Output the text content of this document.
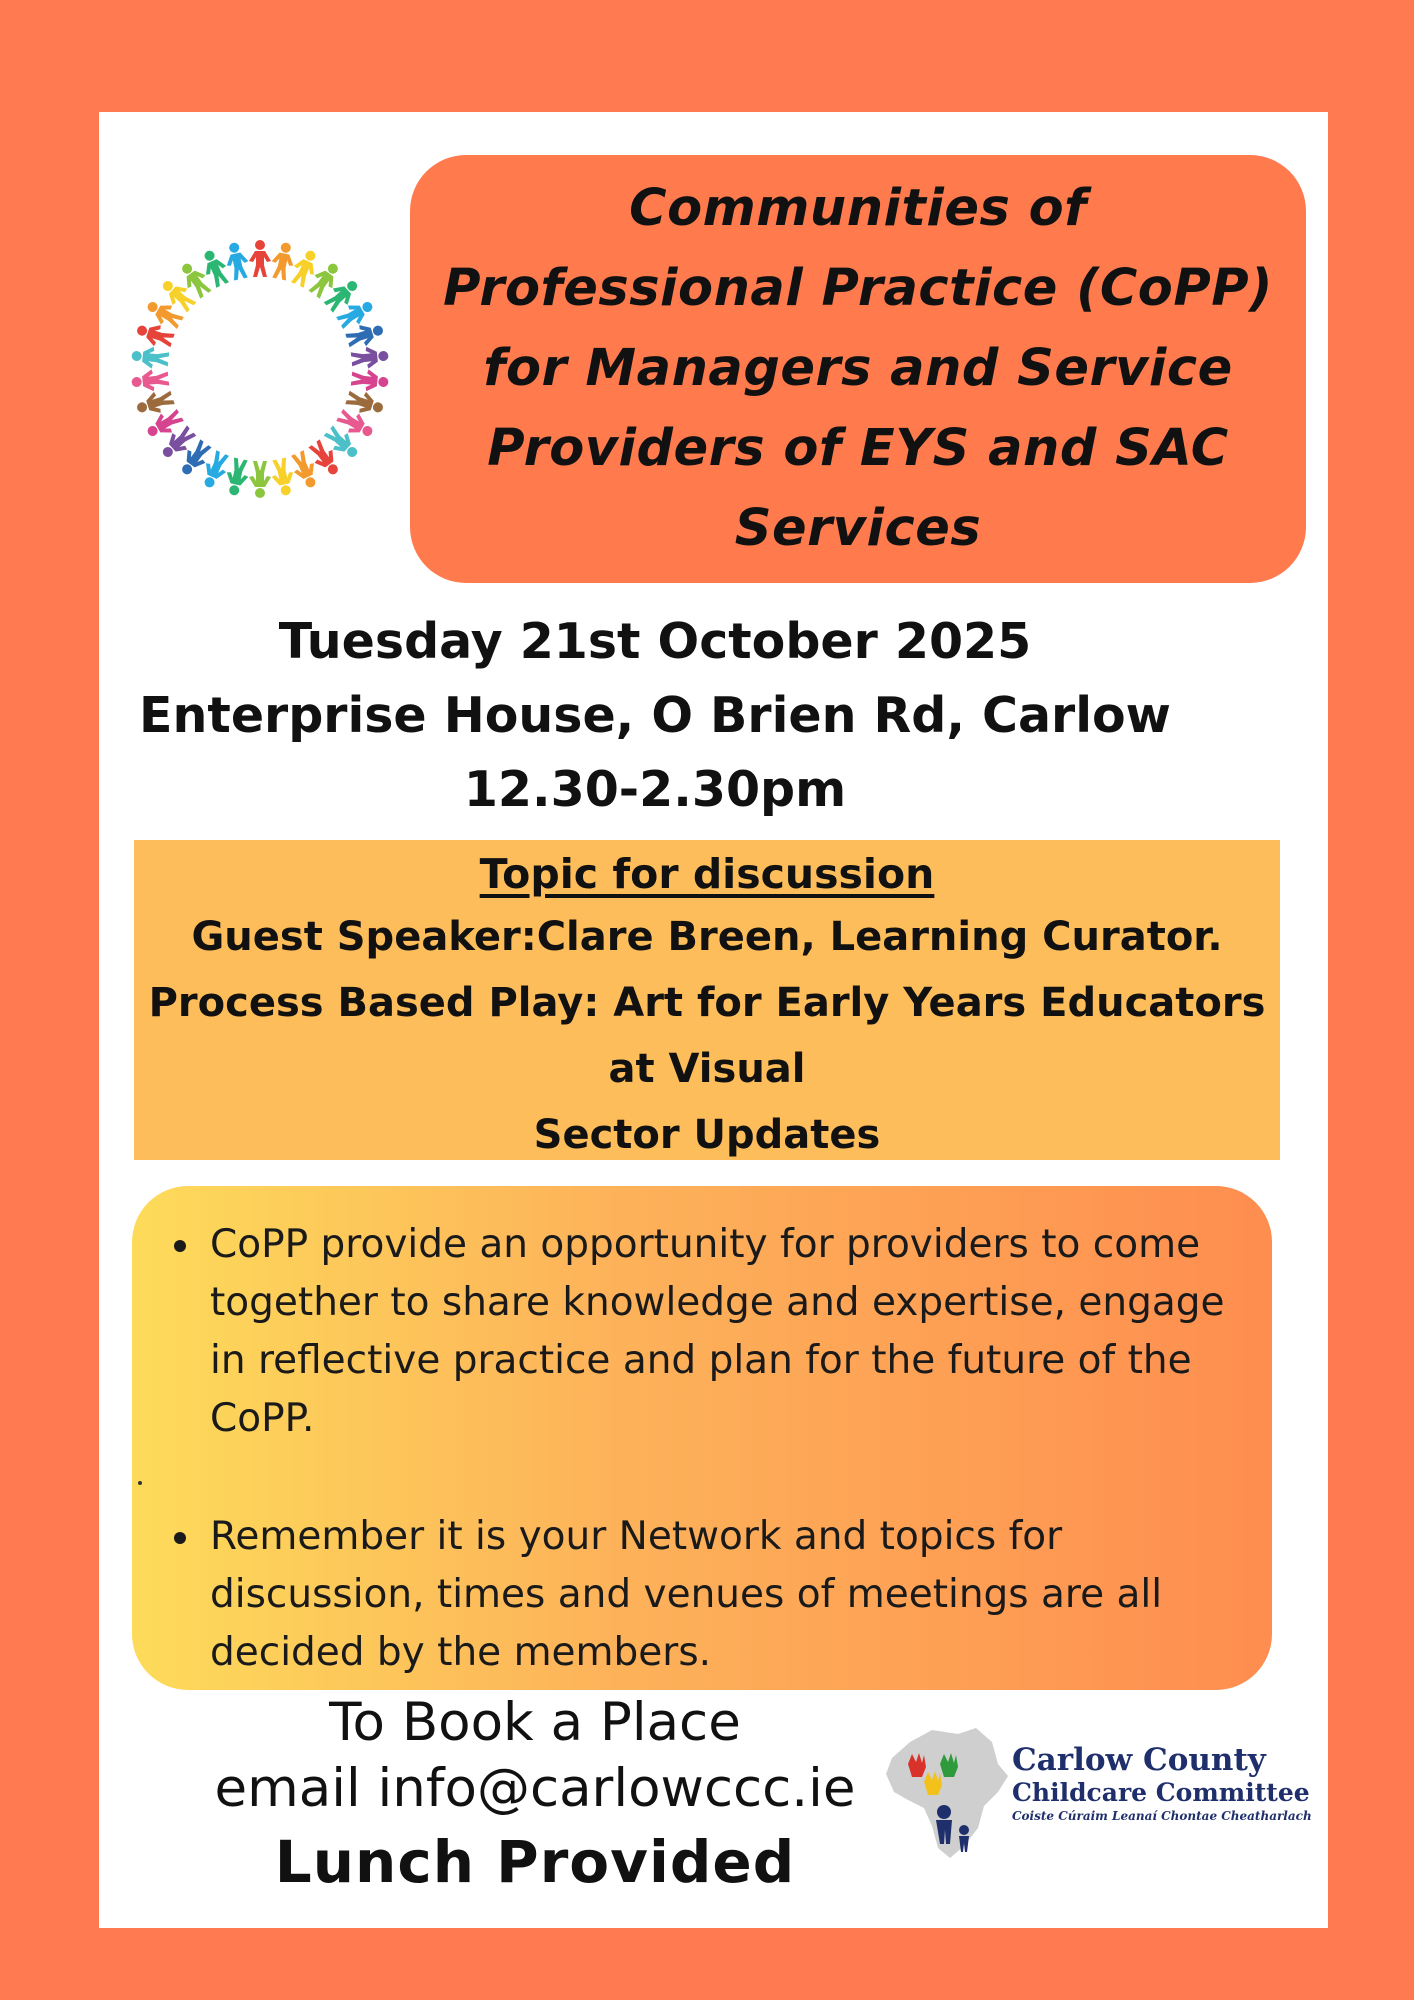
Communities of
Professional Practice (CoPP)
for Managers and Service
Providers of EYS and SAC
Services
Tuesday 21st October 2025
Enterprise House, O Brien Rd, Carlow
12.30-2.30pm
Topic for discussion
Guest Speaker:Clare Breen, Learning Curator.
Process Based Play: Art for Early Years Educators
at Visual
Sector Updates
CoPP provide an opportunity for providers to come together to share knowledge and expertise, engage in reflective practice and plan for the future of the CoPP.
Remember it is your Network and topics for discussion, times and venues of meetings are all decided by the members.
To Book a Place
email info@carlowccc.ie
Lunch Provided
Carlow County
Childcare Committee
Coiste Cúraim Leanaí Chontae Cheatharlach
